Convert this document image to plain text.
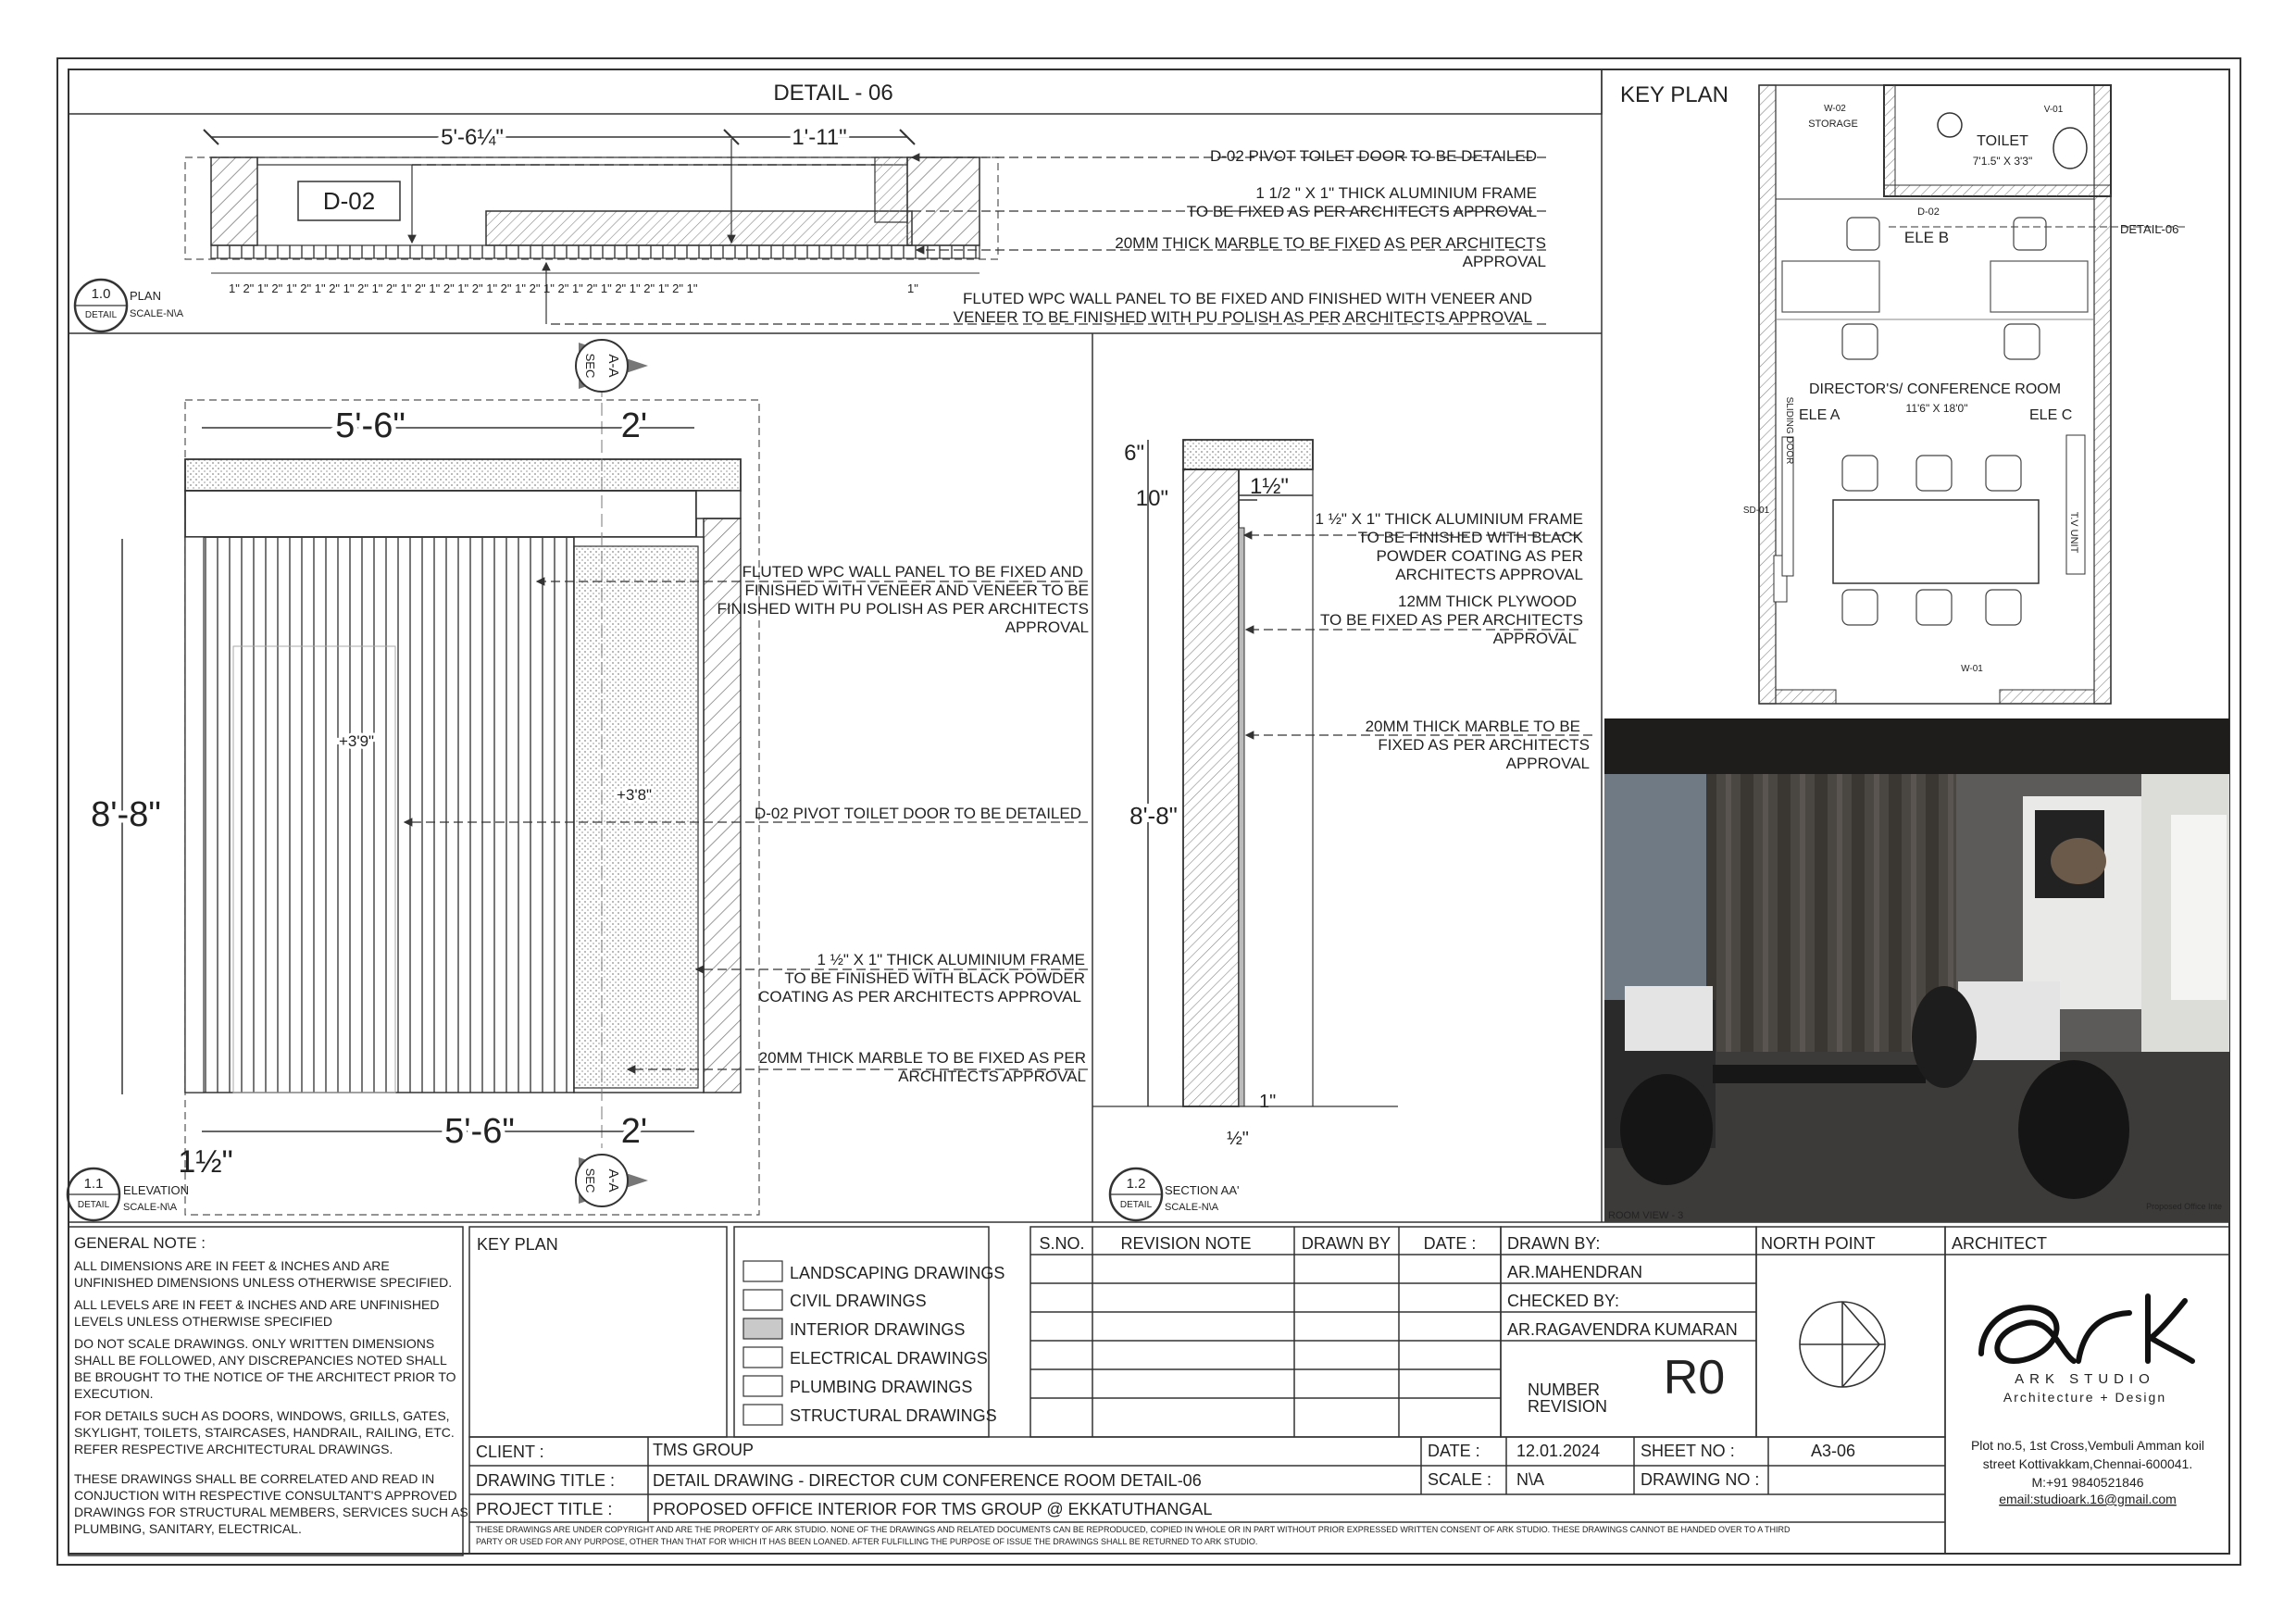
DETAIL - 06
D-02
5'-6¼"	1'-11"
1" 2" 1" 2" 1" 2" 1" 2" 1" 2" 1" 2" 1" 2" 1" 2" 1" 2" 1" 2" 1" 2" 1" 2" 1" 2" 1" 2" 1" 2" 1" 2" 1"	1"
D-02 PIVOT TOILET DOOR TO BE DETAILED
1 1/2 " X 1" THICK ALUMINIUM FRAME
TO BE FIXED AS PER ARCHITECTS APPROVAL
20MM THICK MARBLE TO BE FIXED AS PER ARCHITECTS
APPROVAL
FLUTED WPC WALL PANEL TO BE FIXED AND FINISHED WITH VENEER AND
VENEER TO BE FINISHED WITH PU POLISH AS PER ARCHITECTS APPROVAL
1.0
DETAIL
PLAN
SCALE-N\A
5'-6"	2'
5'-6"	2'
8'-8"
+3'9"
+3'8"
1½"
A-A
SEC
A-A
SEC
FLUTED WPC WALL PANEL TO BE FIXED AND
FINISHED WITH VENEER AND VENEER TO BE
FINISHED WITH PU POLISH AS PER ARCHITECTS
APPROVAL
D-02 PIVOT TOILET DOOR TO BE DETAILED
1 ½" X 1" THICK ALUMINIUM FRAME
TO BE FINISHED WITH BLACK POWDER
COATING AS PER ARCHITECTS APPROVAL
20MM THICK MARBLE TO BE FIXED AS PER
ARCHITECTS APPROVAL
1.1
DETAIL
ELEVATION
SCALE-N\A
6"
10"	1½"
8'-8"
1"
½"
1 ½" X 1" THICK ALUMINIUM FRAME
TO BE FINISHED WITH BLACK
POWDER COATING AS PER
ARCHITECTS APPROVAL
12MM THICK PLYWOOD
TO BE FIXED AS PER ARCHITECTS
APPROVAL
20MM THICK MARBLE TO BE
FIXED AS PER ARCHITECTS
APPROVAL
1.2
DETAIL
SECTION AA'
SCALE-N\A
KEY PLAN
STORAGE
W-02	V-01
TOILET
7'1.5" X 3'3"
D-02
ELE B	DETAIL-06
DIRECTOR'S/ CONFERENCE ROOM
11'6" X 18'0"
ELE A	ELE C
SLIDING DOOR
SD-01
T.V UNIT
W-01
ROOM VIEW - 3
Proposed Office Inte
GENERAL NOTE :
ALL DIMENSIONS ARE IN FEET & INCHES AND ARE
UNFINISHED DIMENSIONS UNLESS OTHERWISE SPECIFIED.
ALL LEVELS ARE IN FEET & INCHES AND ARE UNFINISHED
LEVELS UNLESS OTHERWISE SPECIFIED
DO NOT SCALE DRAWINGS. ONLY WRITTEN DIMENSIONS
SHALL BE FOLLOWED, ANY DISCREPANCIES NOTED SHALL
BE BROUGHT TO THE NOTICE OF THE ARCHITECT PRIOR TO
EXECUTION.
FOR DETAILS SUCH AS DOORS, WINDOWS, GRILLS, GATES,
SKYLIGHT, TOILETS, STAIRCASES, HANDRAIL, RAILING, ETC.
REFER RESPECTIVE ARCHITECTURAL DRAWINGS.
THESE DRAWINGS SHALL BE CORRELATED AND READ IN
CONJUCTION WITH RESPECTIVE CONSULTANT'S APPROVED
DRAWINGS FOR STRUCTURAL MEMBERS, SERVICES SUCH AS
PLUMBING, SANITARY, ELECTRICAL.
KEY PLAN
LANDSCAPING DRAWINGS
CIVIL DRAWINGS
INTERIOR DRAWINGS
ELECTRICAL DRAWINGS
PLUMBING DRAWINGS
STRUCTURAL DRAWINGS
S.NO. REVISION NOTE	DRAWN BY DATE : DRAWN BY:
AR.MAHENDRAN
CHECKED BY:
AR.RAGAVENDRA KUMARAN
NUMBER
REVISION
R0
NORTH POINT	ARCHITECT
CLIENT :	TMS GROUP
DRAWING TITLE : DETAIL DRAWING - DIRECTOR CUM CONFERENCE ROOM DETAIL-06
PROJECT TITLE : PROPOSED OFFICE INTERIOR FOR TMS GROUP @ EKKATUTHANGAL
DATE : 12.01.2024 SHEET NO :	A3-06
SCALE : N\A	DRAWING NO :
THESE DRAWINGS ARE UNDER COPYRIGHT AND ARE THE PROPERTY OF ARK STUDIO. NONE OF THE DRAWINGS AND RELATED DOCUMENTS CAN BE REPRODUCED, COPIED IN WHOLE OR IN PART WITHOUT PRIOR EXPRESSED WRITTEN CONSENT OF ARK STUDIO. THESE DRAWINGS CANNOT BE HANDED OVER TO A THIRD
PARTY OR USED FOR ANY PURPOSE, OTHER THAN THAT FOR WHICH IT HAS BEEN LOANED. AFTER FULFILLING THE PURPOSE OF ISSUE THE DRAWINGS SHALL BE RETURNED TO ARK STUDIO.
ARK STUDIO
Architecture + Design
Plot no.5, 1st Cross,Vembuli Amman koil
street Kottivakkam,Chennai-600041.
M:+91 9840521846
email:studioark.16@gmail.com
